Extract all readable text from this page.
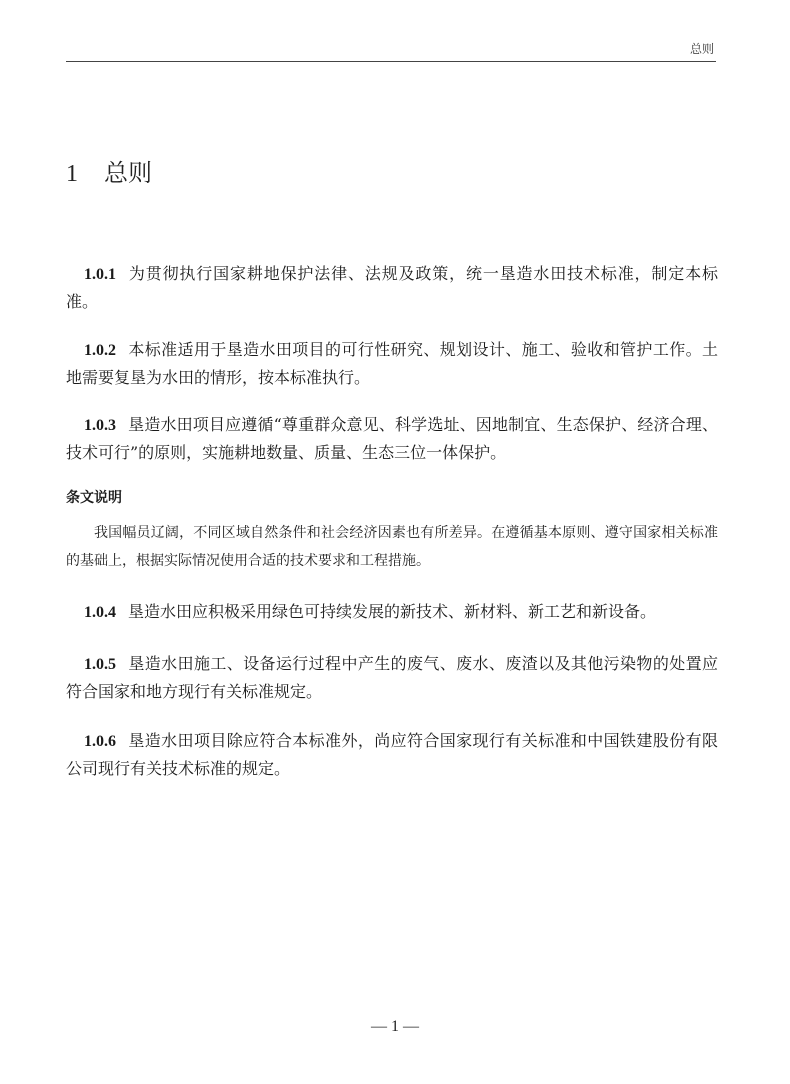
总则
1 总则
1.0.1 为贯彻执行国家耕地保护法律、法规及政策，统一垦造水田技术标准，制定本标准。
1.0.2 本标准适用于垦造水田项目的可行性研究、规划设计、施工、验收和管护工作。土地需要复垦为水田的情形，按本标准执行。
1.0.3 垦造水田项目应遵循“尊重群众意见、科学选址、因地制宜、生态保护、经济合理、技术可行”的原则，实施耕地数量、质量、生态三位一体保护。
条文说明
我国幅员辽阔，不同区域自然条件和社会经济因素也有所差异。在遵循基本原则、遵守国家相关标准的基础上，根据实际情况使用合适的技术要求和工程措施。
1.0.4 垦造水田应积极采用绿色可持续发展的新技术、新材料、新工艺和新设备。
1.0.5 垦造水田施工、设备运行过程中产生的废气、废水、废渣以及其他污染物的处置应符合国家和地方现行有关标准规定。
1.0.6 垦造水田项目除应符合本标准外，尚应符合国家现行有关标准和中国铁建股份有限公司现行有关技术标准的规定。
— 1 —
